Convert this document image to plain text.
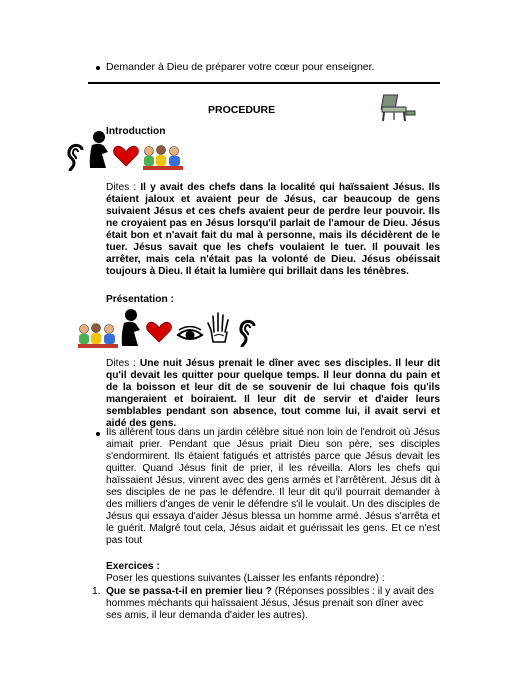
Demander à Dieu de préparer votre cœur pour enseigner.
PROCEDURE
Introduction
Dites : Il y avait des chefs dans la localité qui haïssaient Jésus. Ils étaient jaloux et avaient peur de Jésus, car beaucoup de gens suivaient Jésus et ces chefs avaient peur de perdre leur pouvoir. Ils ne croyaient pas en Jésus lorsqu'il parlait de l'amour de Dieu. Jésus était bon et n'avait fait du mal à personne, mais ils décidèrent de le tuer. Jésus savait que les chefs voulaient le tuer. Il pouvait les arrêter, mais cela n'était pas la volonté de Dieu. Jésus obéissait toujours à Dieu. Il était la lumière qui brillait dans les ténèbres.
Présentation :
Dites : Une nuit Jésus prenait le dîner avec ses disciples. Il leur dit qu'il devait les quitter pour quelque temps. Il leur donna du pain et de la boisson et leur dit de se souvenir de lui chaque fois qu'ils mangeraient et boiraient. Il leur dit de servir et d'aider leurs semblables pendant son absence, tout comme lui, il avait servi et aidé des gens.
Ils allèrent tous dans un jardin célèbre situé non loin de l'endroit où Jésus aimait prier. Pendant que Jésus priait Dieu son père, ses disciples s'endormirent. Ils étaient fatigués et attristés parce que Jésus devait les quitter. Quand Jésus finit de prier, il les réveilla. Alors les chefs qui haïssaient Jésus, vinrent avec des gens armés et l'arrêtèrent. Jésus dit à ses disciples de ne pas le défendre. Il leur dit qu'il pourrait demander à des milliers d'anges de venir le défendre s'il le voulait. Un des disciples de Jésus qui essaya d'aider Jésus blessa un homme armé. Jésus s'arrêta et le guérit. Malgré tout cela, Jésus aidait et guérissait les gens. Et ce n'est pas tout
Exercices :
Poser les questions suivantes (Laisser les enfants répondre) :
1. Que se passa-t-il en premier lieu ? (Réponses possibles : il y avait des hommes méchants qui haïssaient Jésus, Jésus prenait son dîner avec ses amis, il leur demanda d'aider les autres).
